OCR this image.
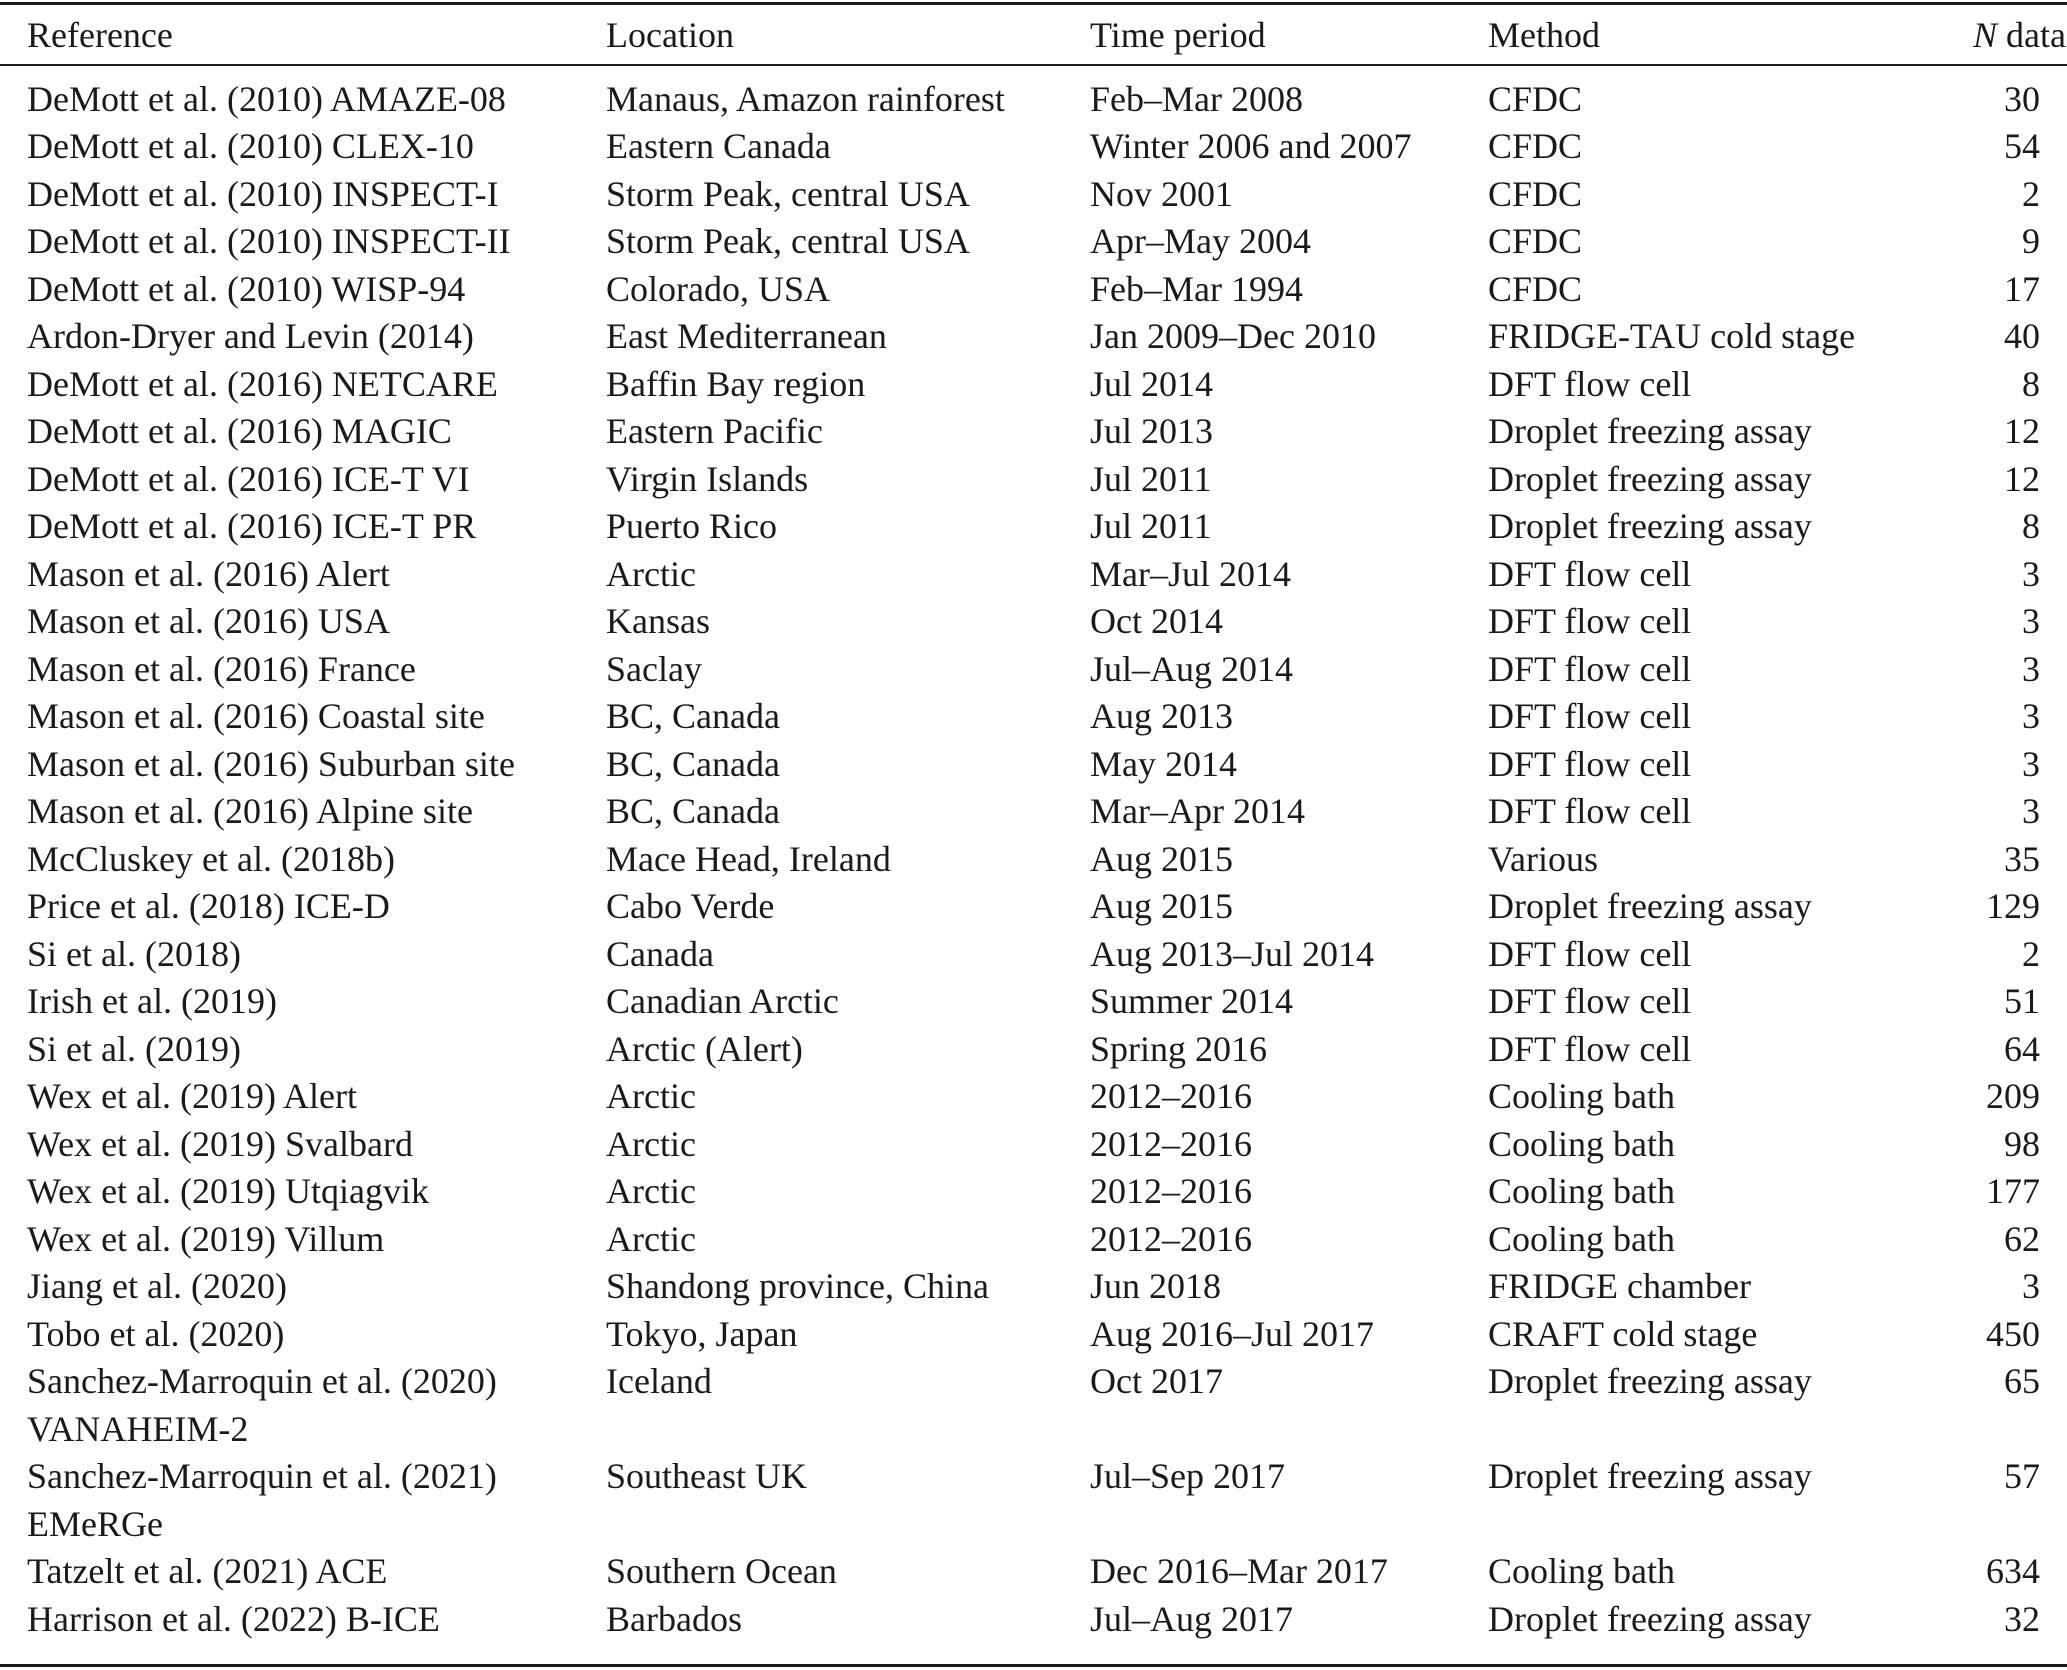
Reference	Location	Time period	Method	N data
DeMott et al. (2010) AMAZE-08	Manaus, Amazon rainforest	Feb–Mar 2008	CFDC	30
DeMott et al. (2010) CLEX-10	Eastern Canada	Winter 2006 and 2007	CFDC	54
DeMott et al. (2010) INSPECT-I	Storm Peak, central USA	Nov 2001	CFDC	2
DeMott et al. (2010) INSPECT-II	Storm Peak, central USA	Apr–May 2004	CFDC	9
DeMott et al. (2010) WISP-94	Colorado, USA	Feb–Mar 1994	CFDC	17
Ardon-Dryer and Levin (2014)	East Mediterranean	Jan 2009–Dec 2010	FRIDGE-TAU cold stage	40
DeMott et al. (2016) NETCARE	Baffin Bay region	Jul 2014	DFT flow cell	8
DeMott et al. (2016) MAGIC	Eastern Pacific	Jul 2013	Droplet freezing assay	12
DeMott et al. (2016) ICE-T VI	Virgin Islands	Jul 2011	Droplet freezing assay	12
DeMott et al. (2016) ICE-T PR	Puerto Rico	Jul 2011	Droplet freezing assay	8
Mason et al. (2016) Alert	Arctic	Mar–Jul 2014	DFT flow cell	3
Mason et al. (2016) USA	Kansas	Oct 2014	DFT flow cell	3
Mason et al. (2016) France	Saclay	Jul–Aug 2014	DFT flow cell	3
Mason et al. (2016) Coastal site	BC, Canada	Aug 2013	DFT flow cell	3
Mason et al. (2016) Suburban site	BC, Canada	May 2014	DFT flow cell	3
Mason et al. (2016) Alpine site	BC, Canada	Mar–Apr 2014	DFT flow cell	3
McCluskey et al. (2018b)	Mace Head, Ireland	Aug 2015	Various	35
Price et al. (2018) ICE-D	Cabo Verde	Aug 2015	Droplet freezing assay	129
Si et al. (2018)	Canada	Aug 2013–Jul 2014	DFT flow cell	2
Irish et al. (2019)	Canadian Arctic	Summer 2014	DFT flow cell	51
Si et al. (2019)	Arctic (Alert)	Spring 2016	DFT flow cell	64
Wex et al. (2019) Alert	Arctic	2012–2016	Cooling bath	209
Wex et al. (2019) Svalbard	Arctic	2012–2016	Cooling bath	98
Wex et al. (2019) Utqiagvik	Arctic	2012–2016	Cooling bath	177
Wex et al. (2019) Villum	Arctic	2012–2016	Cooling bath	62
Jiang et al. (2020)	Shandong province, China	Jun 2018	FRIDGE chamber	3
Tobo et al. (2020)	Tokyo, Japan	Aug 2016–Jul 2017	CRAFT cold stage	450
Sanchez-Marroquin et al. (2020)
VANAHEIM-2	Iceland	Oct 2017	Droplet freezing assay	65
Sanchez-Marroquin et al. (2021)
EMeRGe	Southeast UK	Jul–Sep 2017	Droplet freezing assay	57
Tatzelt et al. (2021) ACE	Southern Ocean	Dec 2016–Mar 2017	Cooling bath	634
Harrison et al. (2022) B-ICE	Barbados	Jul–Aug 2017	Droplet freezing assay	32
